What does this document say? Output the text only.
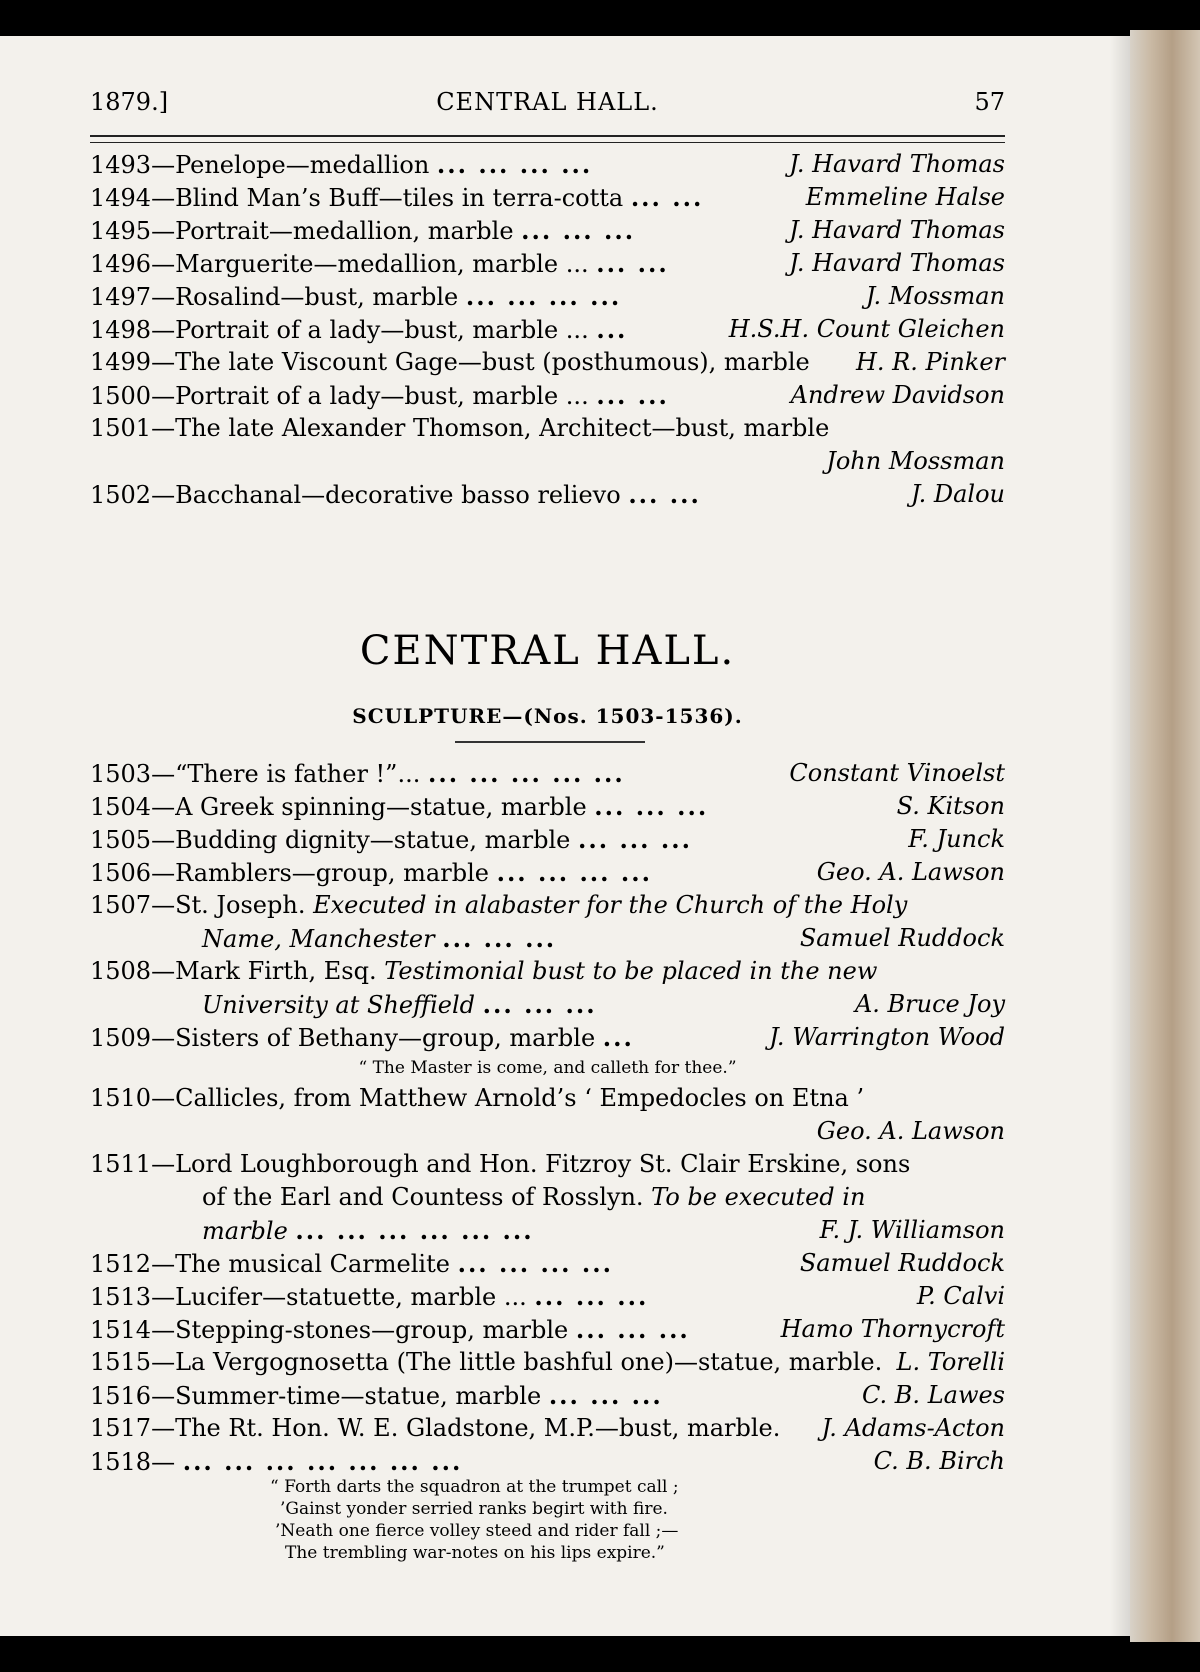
CENTRAL HALL.
1879.]	57
1493—Penelope—medallion ... ... ... ...	J. Havard Thomas
1494—Blind Man’s Buff—tiles in terra-cotta ... ...	Emmeline Halse
1495—Portrait—medallion, marble ... ... ...	J. Havard Thomas
1496—Marguerite—medallion, marble ... ... ...	J. Havard Thomas
1497—Rosalind—bust, marble ... ... ... ...	J. Mossman
1498—Portrait of a lady—bust, marble ... ...	H.S.H. Count Gleichen
1499—The late Viscount Gage—bust (posthumous), marble H. R. Pinker
1500—Portrait of a lady—bust, marble ... ... ...	Andrew Davidson
1501—The late Alexander Thomson, Architect—bust, marble
John Mossman
1502—Bacchanal—decorative basso relievo ... ...	J. Dalou
CENTRAL HALL.
SCULPTURE—(Nos. 1503-1536).
1503—“There is father !”... ... ... ... ... ...	Constant Vinoelst
1504—A Greek spinning—statue, marble ... ... ...	S. Kitson
1505—Budding dignity—statue, marble ... ... ...	F. Junck
1506—Ramblers—group, marble ... ... ... ...	Geo. A. Lawson
1507—St. Joseph. Executed in alabaster for the Church of the Holy
Name, Manchester ... ... ...	Samuel Ruddock
1508—Mark Firth, Esq. Testimonial bust to be placed in the new
University at Sheffield ... ... ...	A. Bruce Joy
1509—Sisters of Bethany—group, marble ...	J. Warrington Wood
“ The Master is come, and calleth for thee.”
1510—Callicles, from Matthew Arnold’s ‘ Empedocles on Etna ’
Geo. A. Lawson
1511—Lord Loughborough and Hon. Fitzroy St. Clair Erskine, sons
of the Earl and Countess of Rosslyn. To be executed in
marble ... ... ... ... ... ...	F. J. Williamson
1512—The musical Carmelite ... ... ... ...	Samuel Ruddock
1513—Lucifer—statuette, marble ... ... ... ...	P. Calvi
1514—Stepping-stones—group, marble ... ... ...	Hamo Thornycroft
1515—La Vergognosetta (The little bashful one)—statue, marble. L. Torelli
1516—Summer-time—statue, marble ... ... ...	C. B. Lawes
1517—The Rt. Hon. W. E. Gladstone, M.P.—bust, marble. J. Adams-Acton
1518— ... ... ... ... ... ... ...	C. B. Birch
“ Forth darts the squadron at the trumpet call ;
’Gainst yonder serried ranks begirt with fire.
’Neath one fierce volley steed and rider fall ;—
The trembling war-notes on his lips expire.”
